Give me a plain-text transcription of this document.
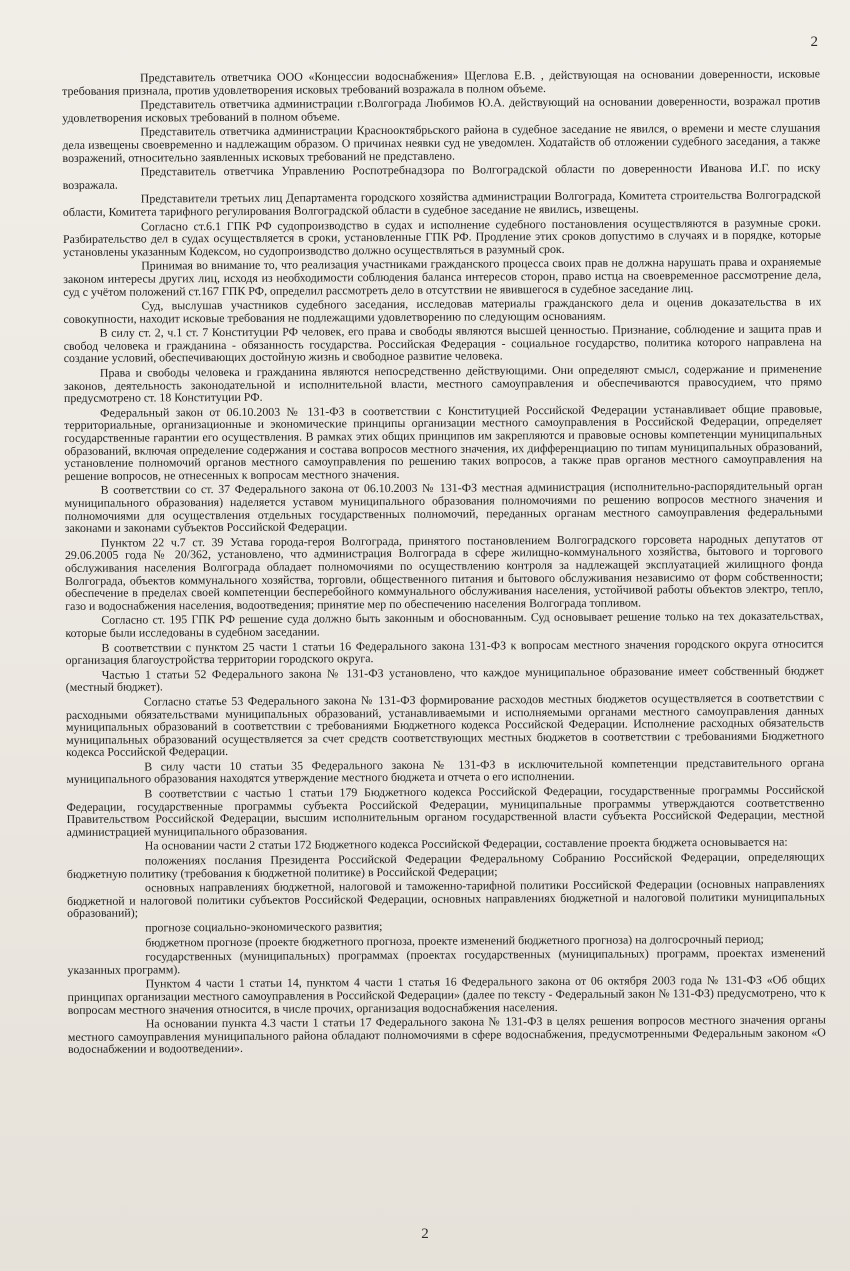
2

Представитель ответчика ООО «Концессии водоснабжения» Щеглова Е.В. , действующая на основании доверенности, исковые требования признала, против удовлетворения исковых требований возражала в полном объеме.

Представитель ответчика администрации г.Волгограда Любимов Ю.А. действующий на основании доверенности, возражал против удовлетворения исковых требований в полном объеме.

Представитель ответчика администрации Краснооктябрьского района в судебное заседание не явился, о времени и месте слушания дела извещены своевременно и надлежащим образом. О причинах неявки суд не уведомлен. Ходатайств об отложении судебного заседания, а также возражений, относительно заявленных исковых требований не представлено.

Представитель ответчика Управлению Роспотребнадзора по Волгоградской области по доверенности Иванова И.Г. по иску возражала.

Представители третьих лиц Департамента городского хозяйства администрации Волгограда, Комитета строительства Волгоградской области, Комитета тарифного регулирования Волгоградской области в судебное заседание не явились, извещены.

Согласно ст.6.1 ГПК РФ судопроизводство в судах и исполнение судебного постановления осуществляются в разумные сроки. Разбирательство дел в судах осуществляется в сроки, установленные ГПК РФ. Продление этих сроков допустимо в случаях и в порядке, которые установлены указанным Кодексом, но судопроизводство должно осуществляться в разумный срок.

Принимая во внимание то, что реализация участниками гражданского процесса своих прав не должна нарушать права и охраняемые законом интересы других лиц, исходя из необходимости соблюдения баланса интересов сторон, право истца на своевременное рассмотрение дела, суд с учётом положений ст.167 ГПК РФ, определил рассмотреть дело в отсутствии не явившегося в судебное заседание лиц.

Суд, выслушав участников судебного заседания, исследовав материалы гражданского дела и оценив доказательства в их совокупности, находит исковые требования не подлежащими удовлетворению по следующим основаниям.

В силу ст. 2, ч.1 ст. 7 Конституции РФ человек, его права и свободы являются высшей ценностью. Признание, соблюдение и защита прав и свобод человека и гражданина - обязанность государства. Российская Федерация - социальное государство, политика которого направлена на создание условий, обеспечивающих достойную жизнь и свободное развитие человека.

Права и свободы человека и гражданина являются непосредственно действующими. Они определяют смысл, содержание и применение законов, деятельность законодательной и исполнительной власти, местного самоуправления и обеспечиваются правосудием, что прямо предусмотрено ст. 18 Конституции РФ.

Федеральный закон от 06.10.2003 № 131-ФЗ в соответствии с Конституцией Российской Федерации устанавливает общие правовые, территориальные, организационные и экономические принципы организации местного самоуправления в Российской Федерации, определяет государственные гарантии его осуществления. В рамках этих общих принципов им закрепляются и правовые основы компетенции муниципальных образований, включая определение содержания и состава вопросов местного значения, их дифференциацию по типам муниципальных образований, установление полномочий органов местного самоуправления по решению таких вопросов, а также прав органов местного самоуправления на решение вопросов, не отнесенных к вопросам местного значения.

В соответствии со ст. 37 Федерального закона от 06.10.2003 № 131-ФЗ местная администрация (исполнительно-распорядительный орган муниципального образования) наделяется уставом муниципального образования полномочиями по решению вопросов местного значения и полномочиями для осуществления отдельных государственных полномочий, переданных органам местного самоуправления федеральными законами и законами субъектов Российской Федерации.

Пунктом 22 ч.7 ст. 39 Устава города-героя Волгограда, принятого постановлением Волгоградского горсовета народных депутатов от 29.06.2005 года № 20/362, установлено, что администрация Волгограда в сфере жилищно-коммунального хозяйства, бытового и торгового обслуживания населения Волгограда обладает полномочиями по осуществлению контроля за надлежащей эксплуатацией жилищного фонда Волгограда, объектов коммунального хозяйства, торговли, общественного питания и бытового обслуживания независимо от форм собственности; обеспечение в пределах своей компетенции бесперебойного коммунального обслуживания населения, устойчивой работы объектов электро, тепло, газо и водоснабжения населения, водоотведения; принятие мер по обеспечению населения Волгограда топливом.

Согласно ст. 195 ГПК РФ решение суда должно быть законным и обоснованным. Суд основывает решение только на тех доказательствах, которые были исследованы в судебном заседании.

В соответствии с пунктом 25 части 1 статьи 16 Федерального закона 131-ФЗ к вопросам местного значения городского округа относится организация благоустройства территории городского округа.

Частью 1 статьи 52 Федерального закона № 131-ФЗ установлено, что каждое муниципальное образование имеет собственный бюджет (местный бюджет).

Согласно статье 53 Федерального закона № 131-ФЗ формирование расходов местных бюджетов осуществляется в соответствии с расходными обязательствами муниципальных образований, устанавливаемыми и исполняемыми органами местного самоуправления данных муниципальных образований в соответствии с требованиями Бюджетного кодекса Российской Федерации. Исполнение расходных обязательств муниципальных образований осуществляется за счет средств соответствующих местных бюджетов в соответствии с требованиями Бюджетного кодекса Российской Федерации.

В силу части 10 статьи 35 Федерального закона № 131-ФЗ в исключительной компетенции представительного органа муниципального образования находятся утверждение местного бюджета и отчета о его исполнении.

В соответствии с частью 1 статьи 179 Бюджетного кодекса Российской Федерации, государственные программы Российской Федерации, государственные программы субъекта Российской Федерации, муниципальные программы утверждаются соответственно Правительством Российской Федерации, высшим исполнительным органом государственной власти субъекта Российской Федерации, местной администрацией муниципального образования.

На основании части 2 статьи 172 Бюджетного кодекса Российской Федерации, составление проекта бюджета основывается на:

положениях послания Президента Российской Федерации Федеральному Собранию Российской Федерации, определяющих бюджетную политику (требования к бюджетной политике) в Российской Федерации;

основных направлениях бюджетной, налоговой и таможенно-тарифной политики Российской Федерации (основных направлениях бюджетной и налоговой политики субъектов Российской Федерации, основных направлениях бюджетной и налоговой политики муниципальных образований);

прогнозе социально-экономического развития;

бюджетном прогнозе (проекте бюджетного прогноза, проекте изменений бюджетного прогноза) на долгосрочный период;

государственных (муниципальных) программах (проектах государственных (муниципальных) программ, проектах изменений указанных программ).

Пунктом 4 части 1 статьи 14, пунктом 4 части 1 статья 16 Федерального закона от 06 октября 2003 года № 131-ФЗ «Об общих принципах организации местного самоуправления в Российской Федерации» (далее по тексту - Федеральный закон № 131-ФЗ) предусмотрено, что к вопросам местного значения относится, в числе прочих, организация водоснабжения населения.

На основании пункта 4.3 части 1 статьи 17 Федерального закона № 131-ФЗ в целях решения вопросов местного значения органы местного самоуправления муниципального района обладают полномочиями в сфере водоснабжения, предусмотренными Федеральным законом «О водоснабжении и водоотведении».

2
